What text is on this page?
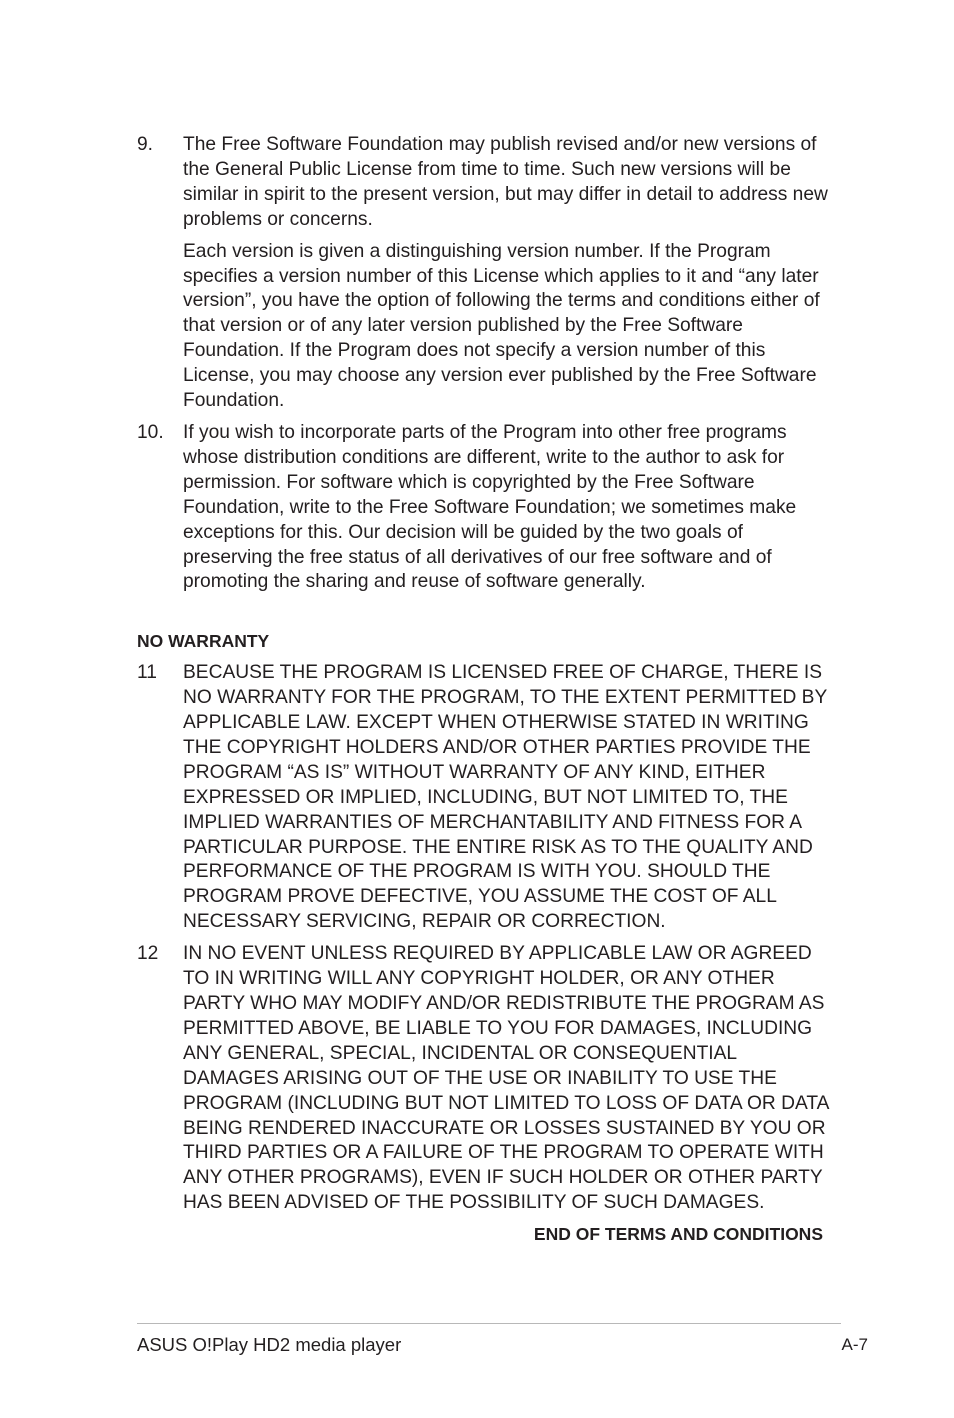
9.	The Free Software Foundation may publish revised and/or new versions of the General Public License from time to time. Such new versions will be similar in spirit to the present version, but may differ in detail to address new problems or concerns.

Each version is given a distinguishing version number. If the Program specifies a version number of this License which applies to it and “any later version”, you have the option of following the terms and conditions either of that version or of any later version published by the Free Software Foundation. If the Program does not specify a version number of this License, you may choose any version ever published by the Free Software Foundation.

10.	If you wish to incorporate parts of the Program into other free programs whose distribution conditions are different, write to the author to ask for permission. For software which is copyrighted by the Free Software Foundation, write to the Free Software Foundation; we sometimes make exceptions for this. Our decision will be guided by the two goals of preserving the free status of all derivatives of our free software and of promoting the sharing and reuse of software generally.

NO WARRANTY
11	BECAUSE THE PROGRAM IS LICENSED FREE OF CHARGE, THERE IS NO WARRANTY FOR THE PROGRAM, TO THE EXTENT PERMITTED BY APPLICABLE LAW. EXCEPT WHEN OTHERWISE STATED IN WRITING THE COPYRIGHT HOLDERS AND/OR OTHER PARTIES PROVIDE THE PROGRAM “AS IS” WITHOUT WARRANTY OF ANY KIND, EITHER EXPRESSED OR IMPLIED, INCLUDING, BUT NOT LIMITED TO, THE IMPLIED WARRANTIES OF MERCHANTABILITY AND FITNESS FOR A PARTICULAR PURPOSE. THE ENTIRE RISK AS TO THE QUALITY AND PERFORMANCE OF THE PROGRAM IS WITH YOU. SHOULD THE PROGRAM PROVE DEFECTIVE, YOU ASSUME THE COST OF ALL NECESSARY SERVICING, REPAIR OR CORRECTION.

12	IN NO EVENT UNLESS REQUIRED BY APPLICABLE LAW OR AGREED TO IN WRITING WILL ANY COPYRIGHT HOLDER, OR ANY OTHER PARTY WHO MAY MODIFY AND/OR REDISTRIBUTE THE PROGRAM AS PERMITTED ABOVE, BE LIABLE TO YOU FOR DAMAGES, INCLUDING ANY GENERAL, SPECIAL, INCIDENTAL OR CONSEQUENTIAL DAMAGES ARISING OUT OF THE USE OR INABILITY TO USE THE PROGRAM (INCLUDING BUT NOT LIMITED TO LOSS OF DATA OR DATA BEING RENDERED INACCURATE OR LOSSES SUSTAINED BY YOU OR THIRD PARTIES OR A FAILURE OF THE PROGRAM TO OPERATE WITH ANY OTHER PROGRAMS), EVEN IF SUCH HOLDER OR OTHER PARTY HAS BEEN ADVISED OF THE POSSIBILITY OF SUCH DAMAGES.

END OF TERMS AND CONDITIONS
ASUS O!Play HD2 media player	A-7
